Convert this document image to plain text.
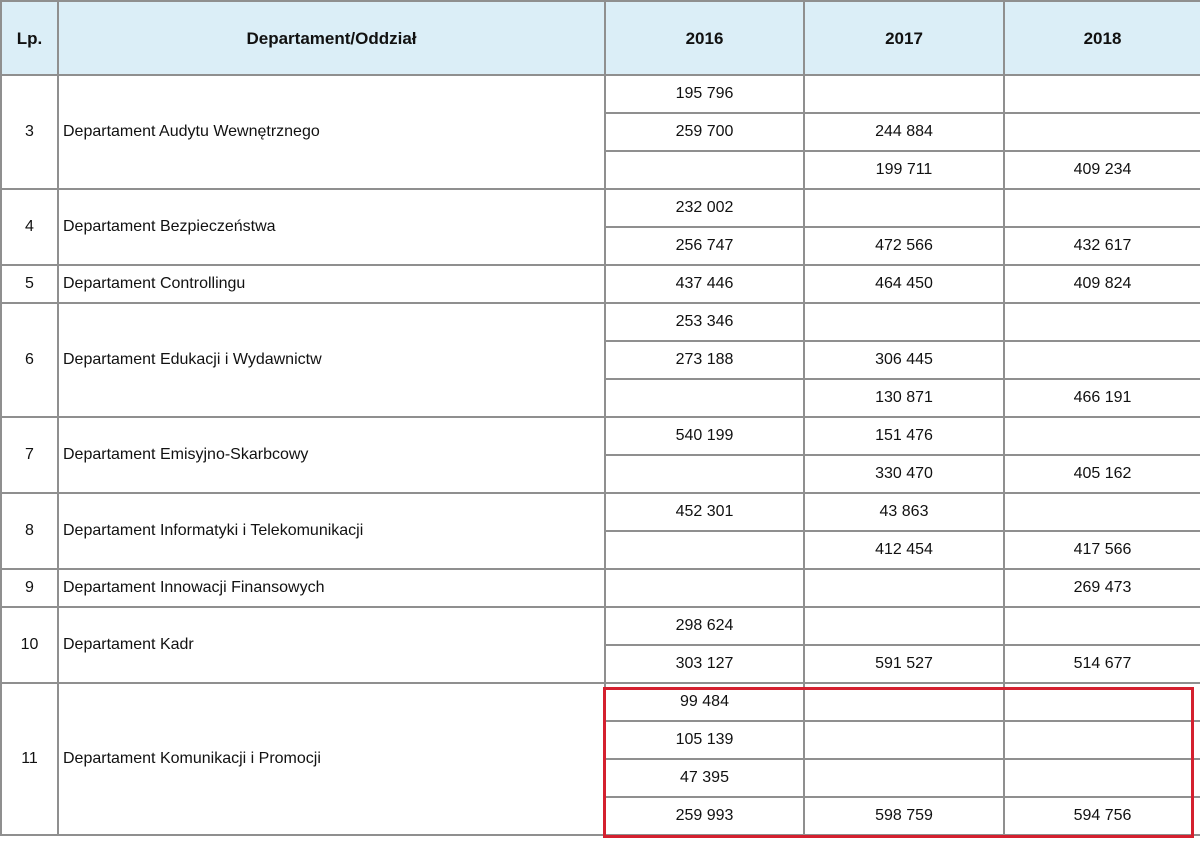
Lp.	Departament/Oddział	2016	2017	2018
3	Departament Audytu Wewnętrznego	195 796		
		259 700	244 884	
			199 711	409 234
4	Departament Bezpieczeństwa	232 002		
		256 747	472 566	432 617
5	Departament Controllingu	437 446	464 450	409 824
6	Departament Edukacji i Wydawnictw	253 346		
		273 188	306 445	
			130 871	466 191
7	Departament Emisyjno-Skarbcowy	540 199	151 476	
			330 470	405 162
8	Departament Informatyki i Telekomunikacji	452 301	43 863	
			412 454	417 566
9	Departament Innowacji Finansowych			269 473
10	Departament Kadr	298 624		
		303 127	591 527	514 677
11	Departament Komunikacji i Promocji	99 484		
		105 139		
		47 395		
		259 993	598 759	594 756
